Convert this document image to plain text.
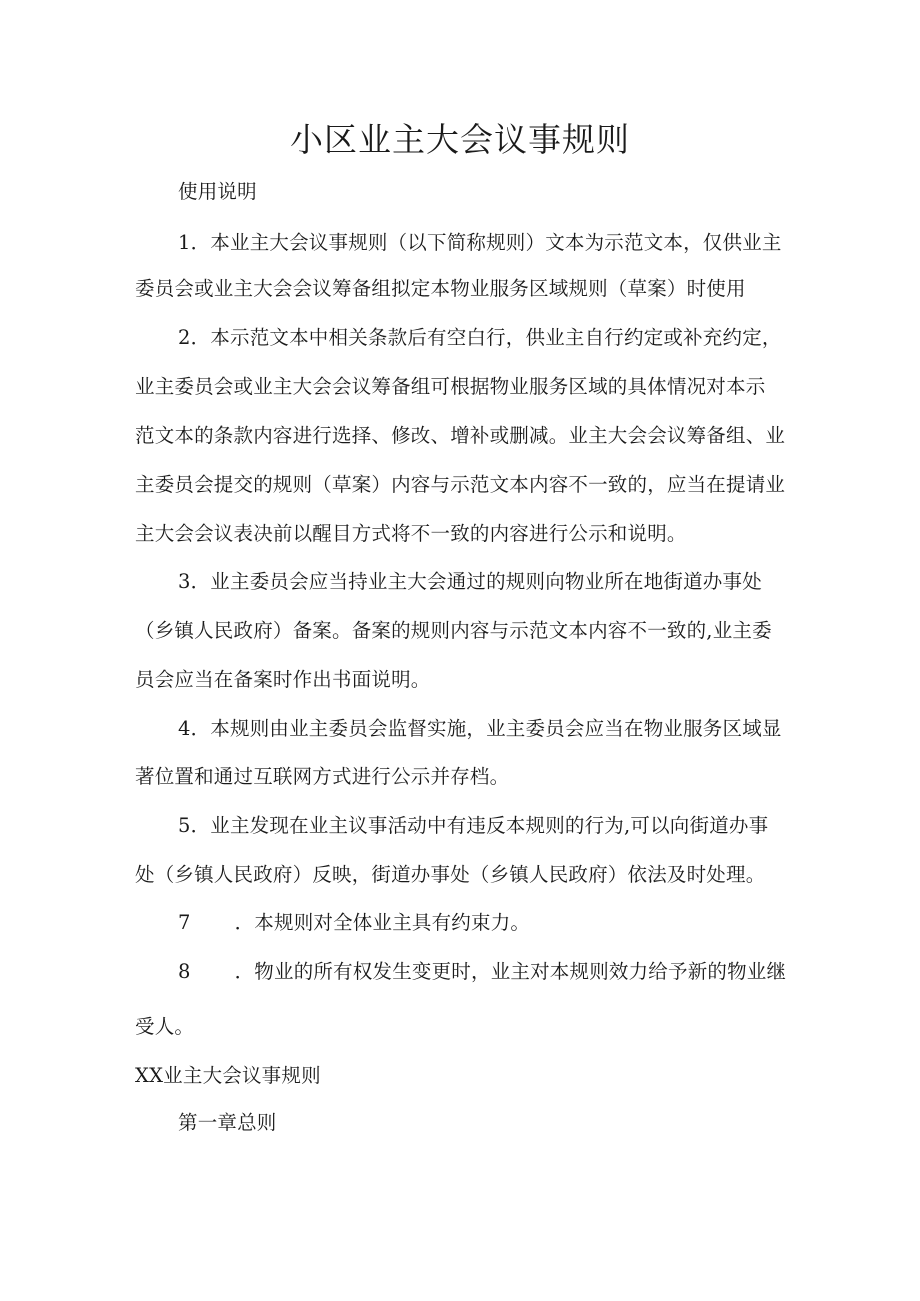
小区业主大会议事规则

使用说明

1．本业主大会议事规则（以下简称规则）文本为示范文本，仅供业主

委员会或业主大会会议筹备组拟定本物业服务区域规则（草案）时使用

2．本示范文本中相关条款后有空白行，供业主自行约定或补充约定，

业主委员会或业主大会会议筹备组可根据物业服务区域的具体情况对本示

范文本的条款内容进行选择、修改、增补或删减。业主大会会议筹备组、业

主委员会提交的规则（草案）内容与示范文本内容不一致的，应当在提请业

主大会会议表决前以醒目方式将不一致的内容进行公示和说明。

3．业主委员会应当持业主大会通过的规则向物业所在地街道办事处

（乡镇人民政府）备案。备案的规则内容与示范文本内容不一致的,业主委

员会应当在备案时作出书面说明。

4．本规则由业主委员会监督实施，业主委员会应当在物业服务区域显

著位置和通过互联网方式进行公示并存档。

5．业主发现在业主议事活动中有违反本规则的行为,可以向街道办事

处（乡镇人民政府）反映，街道办事处（乡镇人民政府）依法及时处理。

7 ．本规则对全体业主具有约束力。

8 ．物业的所有权发生变更时，业主对本规则效力给予新的物业继

受人。

XX业主大会议事规则

第一章总则
